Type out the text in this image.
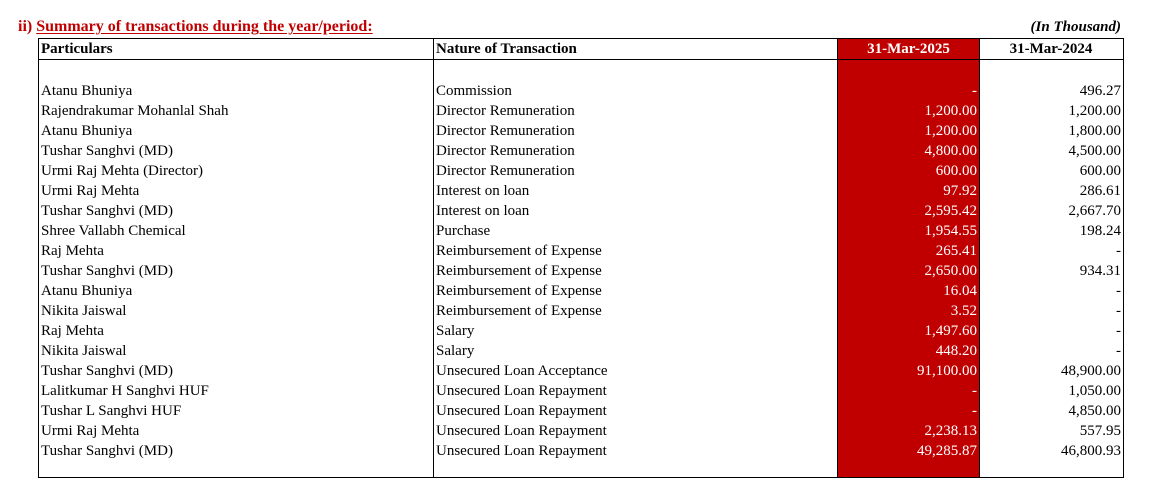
ii) Summary of transactions during the year/period:	(In Thousand)
Particulars	Nature of Transaction	31-Mar-2025	31-Mar-2024
Atanu Bhuniya	Commission	-	496.27
Rajendrakumar Mohanlal Shah	Director Remuneration	1,200.00	1,200.00
Atanu Bhuniya	Director Remuneration	1,200.00	1,800.00
Tushar Sanghvi (MD)	Director Remuneration	4,800.00	4,500.00
Urmi Raj Mehta (Director)	Director Remuneration	600.00	600.00
Urmi Raj Mehta	Interest on loan	97.92	286.61
Tushar Sanghvi (MD)	Interest on loan	2,595.42	2,667.70
Shree Vallabh Chemical	Purchase	1,954.55	198.24
Raj Mehta	Reimbursement of Expense	265.41	-
Tushar Sanghvi (MD)	Reimbursement of Expense	2,650.00	934.31
Atanu Bhuniya	Reimbursement of Expense	16.04	-
Nikita Jaiswal	Reimbursement of Expense	3.52	-
Raj Mehta	Salary	1,497.60	-
Nikita Jaiswal	Salary	448.20	-
Tushar Sanghvi (MD)	Unsecured Loan Acceptance	91,100.00	48,900.00
Lalitkumar H Sanghvi HUF	Unsecured Loan Repayment	-	1,050.00
Tushar L Sanghvi HUF	Unsecured Loan Repayment	-	4,850.00
Urmi Raj Mehta	Unsecured Loan Repayment	2,238.13	557.95
Tushar Sanghvi (MD)	Unsecured Loan Repayment	49,285.87	46,800.93
